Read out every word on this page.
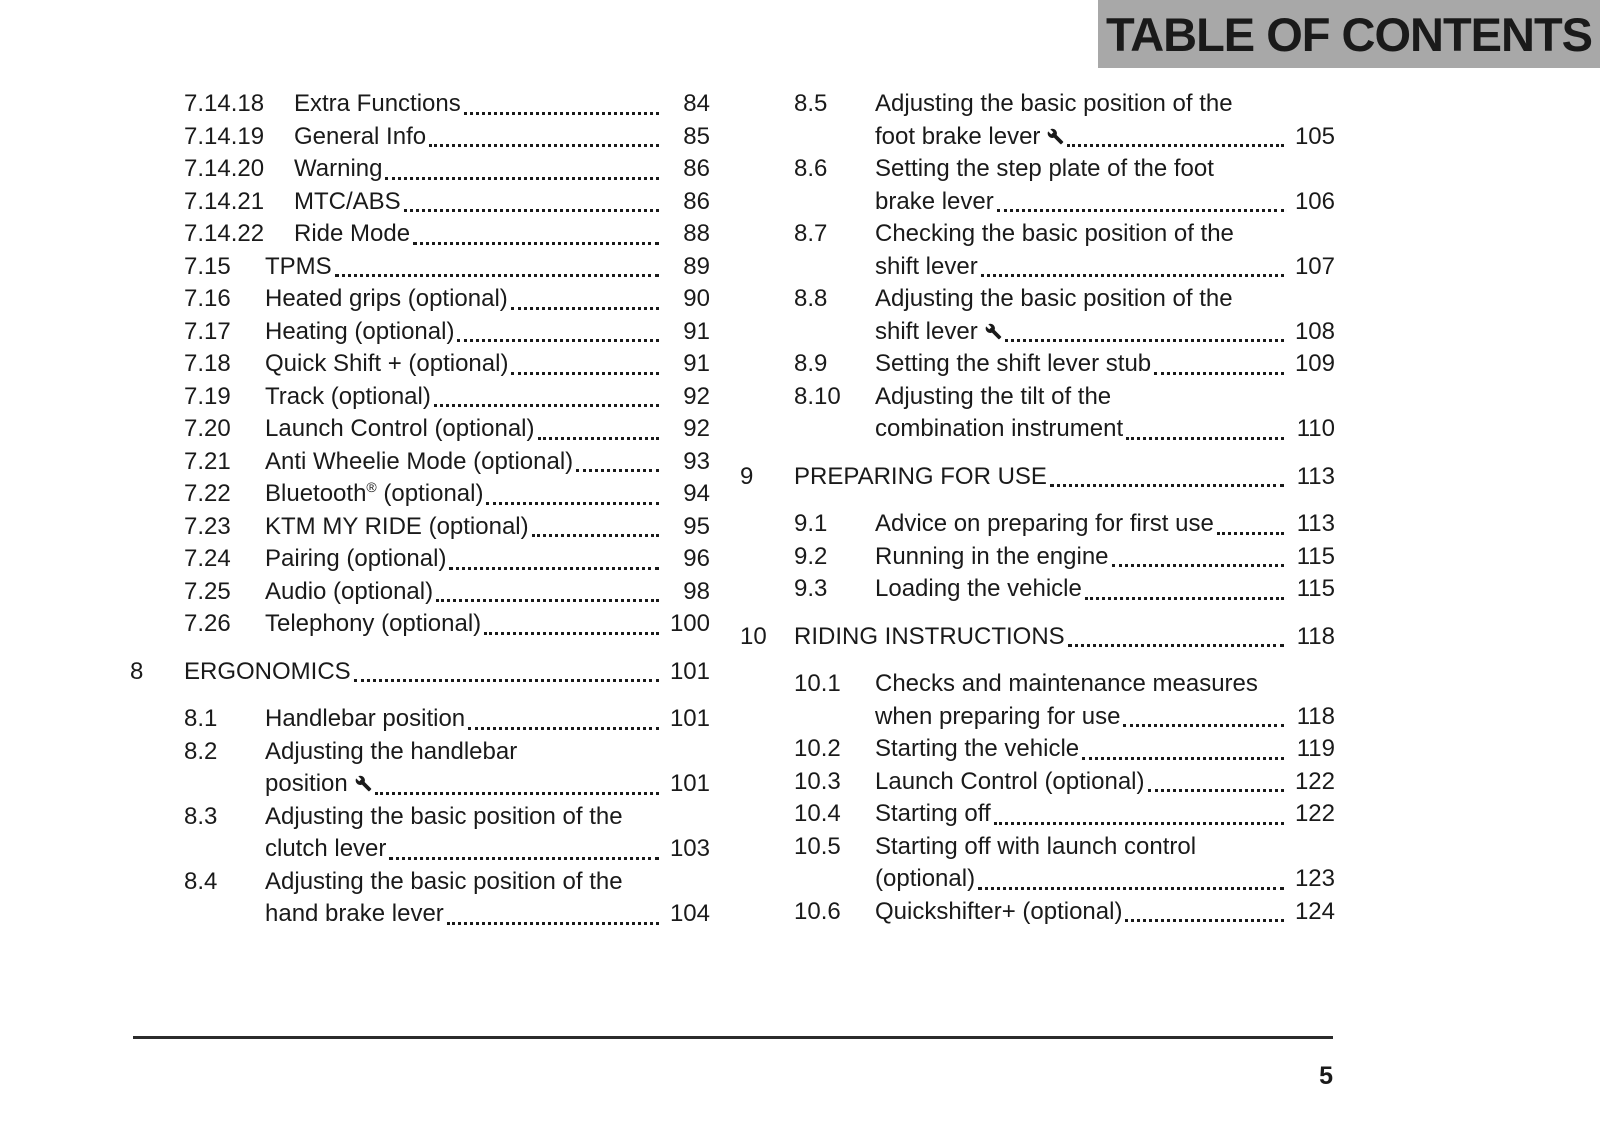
TABLE OF CONTENTS
7.14.18	Extra Functions	84
7.14.19	General Info	85
7.14.20	Warning	86
7.14.21	MTC/ABS	86
7.14.22	Ride Mode	88
7.15	TPMS	89
7.16	Heated grips (optional)	90
7.17	Heating (optional)	91
7.18	Quick Shift + (optional)	91
7.19	Track (optional)	92
7.20	Launch Control (optional)	92
7.21	Anti Wheelie Mode (optional)	93
7.22	Bluetooth® (optional)	94
7.23	KTM MY RIDE (optional)	95
7.24	Pairing (optional)	96
7.25	Audio (optional)	98
7.26	Telephony (optional)	100
8	ERGONOMICS	101
8.1	Handlebar position	101
8.2	Adjusting the handlebar
position	101
8.3	Adjusting the basic position of the
clutch lever	103
8.4	Adjusting the basic position of the
hand brake lever	104
8.5	Adjusting the basic position of the
foot brake lever	105
8.6	Setting the step plate of the foot
brake lever	106
8.7	Checking the basic position of the
shift lever	107
8.8	Adjusting the basic position of the
shift lever	108
8.9	Setting the shift lever stub	109
8.10	Adjusting the tilt of the
combination instrument	110
9	PREPARING FOR USE	113
9.1	Advice on preparing for first use	113
9.2	Running in the engine	115
9.3	Loading the vehicle	115
10	RIDING INSTRUCTIONS	118
10.1	Checks and maintenance measures
when preparing for use	118
10.2	Starting the vehicle	119
10.3	Launch Control (optional)	122
10.4	Starting off	122
10.5	Starting off with launch control
(optional)	123
10.6	Quickshifter+ (optional)	124
5
